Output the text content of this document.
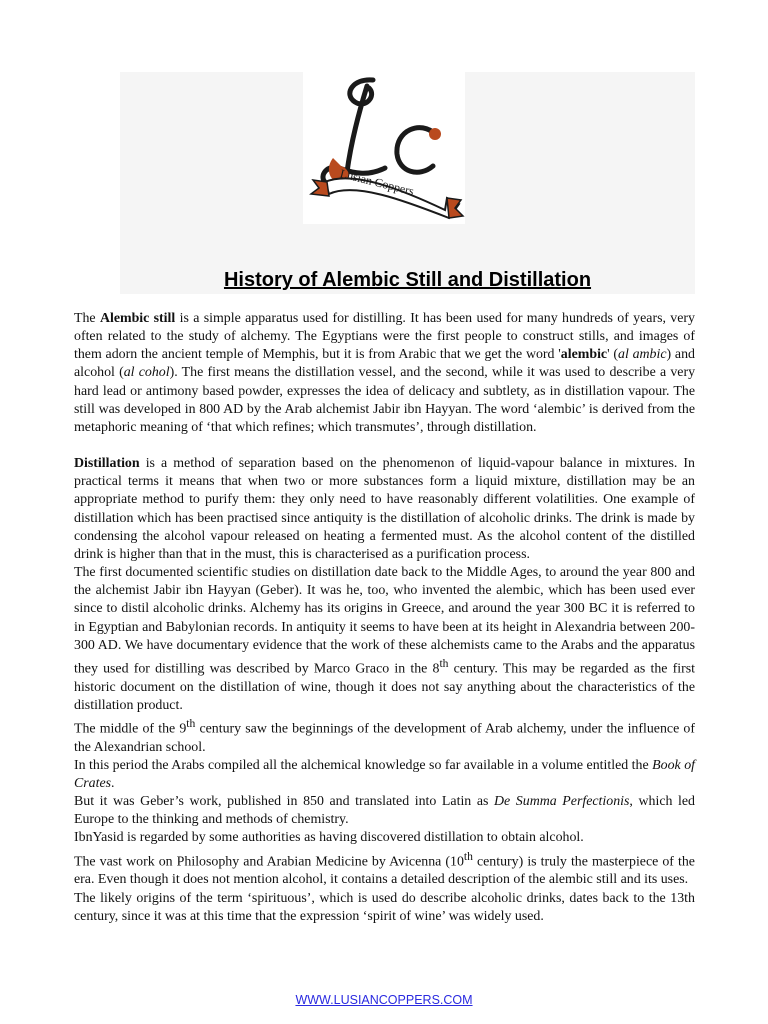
Lusian Coppers
History of Alembic Still and Distillation

The Alembic still is a simple apparatus used for distilling. It has been used for many hundreds of years, very often related to the study of alchemy. The Egyptians were the first people to construct stills, and images of them adorn the ancient temple of Memphis, but it is from Arabic that we get the word 'alembic' (al ambic) and alcohol (al cohol). The first means the distillation vessel, and the second, while it was used to describe a very hard lead or antimony based powder, expresses the idea of delicacy and subtlety, as in distillation vapour. The still was developed in 800 AD by the Arab alchemist Jabir ibn Hayyan. The word ‘alembic’ is derived from the metaphoric meaning of ‘that which refines; which transmutes’, through distillation.

Distillation is a method of separation based on the phenomenon of liquid-vapour balance in mixtures. In practical terms it means that when two or more substances form a liquid mixture, distillation may be an appropriate method to purify them: they only need to have reasonably different volatilities. One example of distillation which has been practised since antiquity is the distillation of alcoholic drinks. The drink is made by condensing the alcohol vapour released on heating a fermented must. As the alcohol content of the distilled drink is higher than that in the must, this is characterised as a purification process.

The first documented scientific studies on distillation date back to the Middle Ages, to around the year 800 and the alchemist Jabir ibn Hayyan (Geber). It was he, too, who invented the alembic, which has been used ever since to distil alcoholic drinks. Alchemy has its origins in Greece, and around the year 300 BC it is referred to in Egyptian and Babylonian records. In antiquity it seems to have been at its height in Alexandria between 200-300 AD. We have documentary evidence that the work of these alchemists came to the Arabs and the apparatus they used for distilling was described by Marco Graco in the 8th century. This may be regarded as the first historic document on the distillation of wine, though it does not say anything about the characteristics of the distillation product.

The middle of the 9th century saw the beginnings of the development of Arab alchemy, under the influence of the Alexandrian school.

In this period the Arabs compiled all the alchemical knowledge so far available in a volume entitled the Book of Crates.

But it was Geber’s work, published in 850 and translated into Latin as De Summa Perfectionis, which led Europe to the thinking and methods of chemistry.

IbnYasid is regarded by some authorities as having discovered distillation to obtain alcohol.

The vast work on Philosophy and Arabian Medicine by Avicenna (10th century) is truly the masterpiece of the era. Even though it does not mention alcohol, it contains a detailed description of the alembic still and its uses.

The likely origins of the term ‘spirituous’, which is used do describe alcoholic drinks, dates back to the 13th century, since it was at this time that the expression ‘spirit of wine’ was widely used.

WWW.LUSIANCOPPERS.COM
